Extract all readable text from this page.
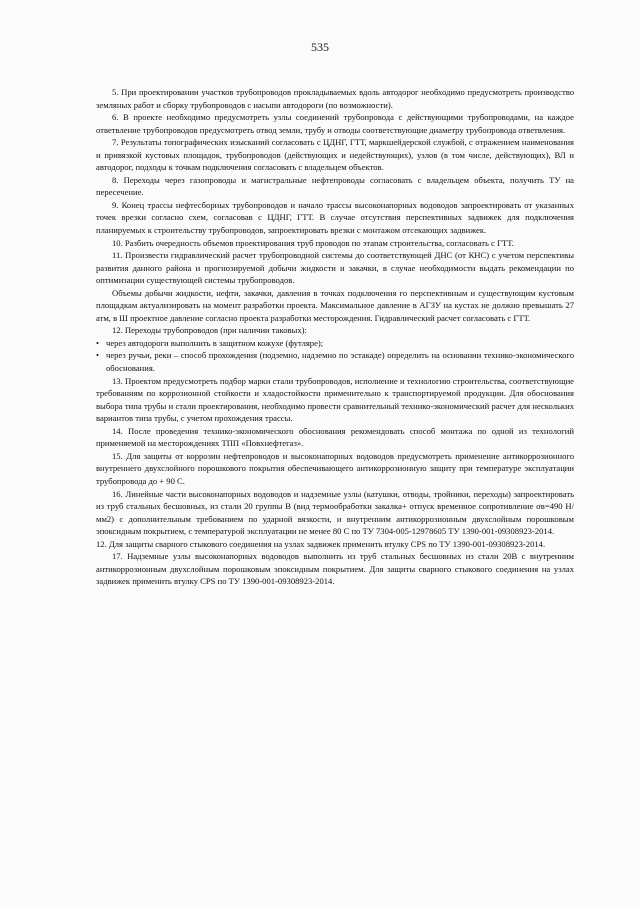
535

5. При проектировании участков трубопроводов прокладываемых вдоль автодорог необходимо предусмотреть производство земляных работ и сборку трубопроводов с насыпи автодороги (по возможности).

6. В проекте необходимо предусмотреть узлы соединений трубопровода с действующими трубопроводами, на каждое ответвление трубопроводов предусмотреть отвод земли, трубу и отводы соответствующие диаметру трубопровода ответвления.

7. Результаты топографических изысканий согласовать с ЦДНГ, ГТТ, маркшейдерской службой, с отражением наименования и привязкой кустовых площадок, трубопроводов (действующих и недействующих), узлов (в том числе, действующих), ВЛ и автодорог, подходы к точкам подключения согласовать с владельцем объектов.

8. Переходы через газопроводы и магистральные нефтепроводы согласовать с владельцем объекта, получить ТУ на пересечение.

9. Конец трассы нефтесборных трубопроводов и начало трассы высоконапорных водоводов запроектировать от указанных точек врезки согласно схем, согласовав с ЦДНГ, ГТТ. В случае отсутствия перспективных задвижек для подключения планируемых к строительству трубопроводов, запроектировать врезки с монтажом отсекающих задвижек.

10. Разбить очередность объемов проектирования труб проводов по этапам строительства, согласовать с ГТТ.

11. Произвести гидравлический расчет трубопроводной системы до соответствующей ДНС (от КНС) с учетом перспективы развития данного района и прогнозируемой добычи жидкости и закачки, в случае необходимости выдать рекомендации по оптимизации существующей системы трубопроводов.

Объемы добычи жидкости, нефти, закачки, давления в точках подключения го перспективным и существующим кустовым площадкам актуализировать на момент разработки проекта. Максимальное давление в АГЗУ на кустах не должно превышать 27 атм, в Ш проектное давление согласно проекта разработки месторождения. Гидравлический расчет согласовать с ГТТ.

12. Переходы трубопроводов (при наличии таковых):

• через автодороги выполнить в защитном кожухе (футляре);

• через ручьи, реки – способ прохождения (подземно, надземно по эстакаде) определить на основании технико-экономического обоснования.

13. Проектом предусмотреть подбор марки стали трубопроводов, исполнение и технологию строительства, соответствующие требованиям по коррозионной стойкости и хладостойкости применительно к транспортируемой продукции. Для обоснования выбора типа трубы и стали проектирования, необходимо провести сравнительный технико-экономический расчет для нескольких вариантов типа трубы, с учетом прохождения трассы.

14. После проведения технико-экономического обоснования рекомендовать способ монтажа по одной из технологий применяемой на месторождениях ТПП «Повхнефтегаз».

15. Для защиты от коррозии нефтепроводов и высоконапорных водоводов предусмотреть применение антикоррозионного внутреннего двухслойного порошкового покрытия обеспечивающего антикоррозионную защиту при температуре эксплуатации трубопровода до + 90 С.

16. Линейные части высоконапорных водоводов и надземные узлы (катушки, отводы, тройники, переходы) запроектировать из труб стальных бесшовных, из стали 20 группы В (вид термообработки закалка+ отпуск временное сопротивление σв=490 Н/мм2) с дополнительным требованием по ударной вязкости, и внутренним антикоррозионным двухслойным порошковым эпоксидным покрытием, с температурой эксплуатации не менее 80 С по ТУ 7304-005-12978605 ТУ 1390-001-09308923-2014.

12. Для защиты сварного стыкового соединения на узлах задвижек применить втулку CPS по ТУ 1390-001-09308923-2014.

17. Надземные узлы высоконапорных водоводов выполнить из труб стальных бесшовных из стали 20В с внутренним антикоррозионным двухслойным порошковым эпоксидным покрытием. Для защиты сварного стыкового соединения на узлах задвижек применить втулку CPS по ТУ 1390-001-09308923-2014.
